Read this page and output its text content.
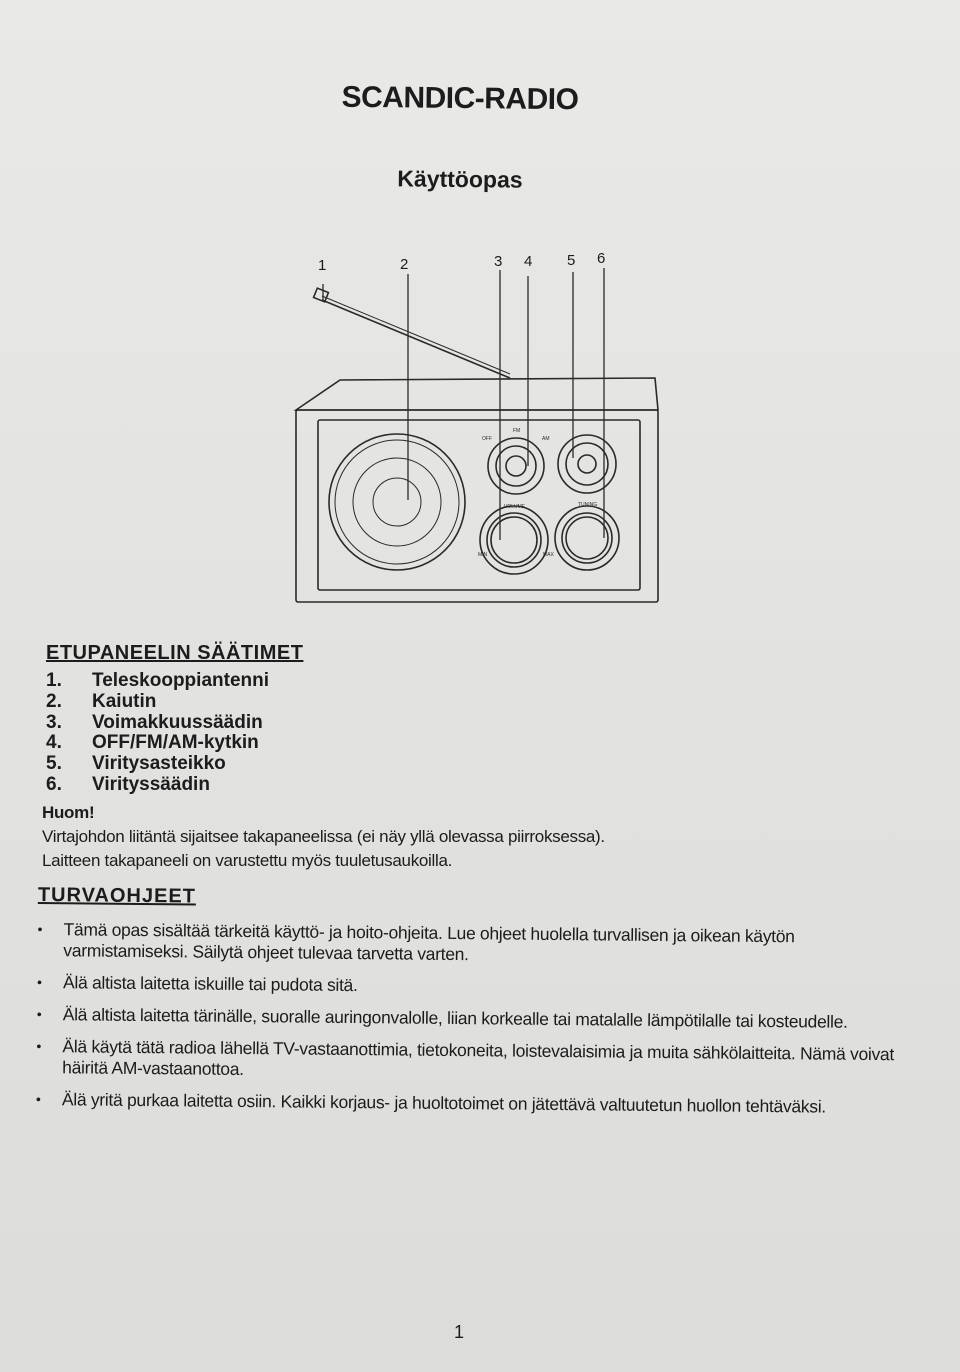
SCANDIC-RADIO
Käyttöopas
1	2	3 4 5 6
FM
OFF	AM
VOLUME	TUNING
MIN	MAX

ETUPANEELIN SÄÄTIMET

1.	Teleskooppiantenni
2.	Kaiutin
3.	Voimakkuussäädin
4.	OFF/FM/AM-kytkin
5.	Viritysasteikko
6.	Virityssäädin

Huom!

Virtajohdon liitäntä sijaitsee takapaneelissa (ei näy yllä olevassa piirroksessa).

Laitteen takapaneeli on varustettu myös tuuletusaukoilla.

TURVAOHJEET

• Tämä opas sisältää tärkeitä käyttö- ja hoito-ohjeita. Lue ohjeet huolella turvallisen ja oikean käytön varmistamiseksi. Säilytä ohjeet tulevaa tarvetta varten.
• Älä altista laitetta iskuille tai pudota sitä.
• Älä altista laitetta tärinälle, suoralle auringonvalolle, liian korkealle tai matalalle lämpötilalle tai kosteudelle.
• Älä käytä tätä radioa lähellä TV-vastaanottimia, tietokoneita, loistevalaisimia ja muita sähkölaitteita. Nämä voivat häiritä AM-vastaanottoa.
• Älä yritä purkaa laitetta osiin. Kaikki korjaus- ja huoltotoimet on jätettävä valtuutetun huollon tehtäväksi.
1
